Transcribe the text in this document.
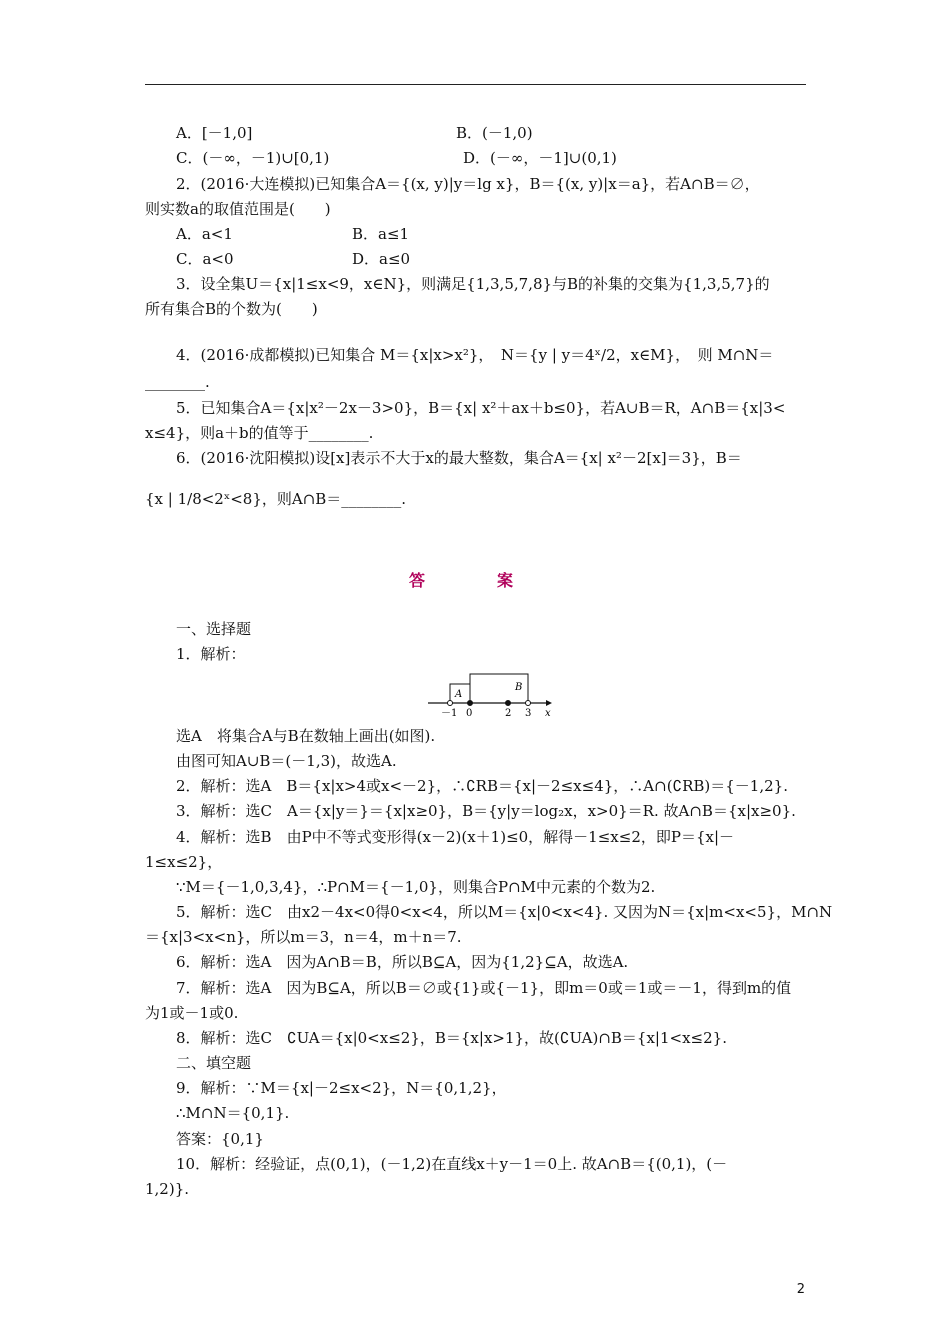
A．[－1,0]	B．(－1,0)
C．(－∞，－1)∪[0,1)	D．(－∞，－1]∪(0,1)
2．(2016·大连模拟)已知集合A＝{(x, y)|y＝lg x}，B＝{(x, y)|x＝a}，若A∩B＝∅，
则实数a的取值范围是(　　)
A．a<1	B．a≤1
C．a<0	D．a≤0
3．设全集U＝{x|1≤x<9，x∈N}，则满足{1,3,5,7,8}与B的补集的交集为{1,3,5,7}的
所有集合B的个数为(　　)
4．(2016·成都模拟)已知集合 M＝{x|x>x²}，　N＝{y | y＝4ˣ/2，x∈M}，　则 M∩N＝
________.
5．已知集合A＝{x|x²－2x－3>0}，B＝{x| x²＋ax＋b≤0}，若A∪B＝R，A∩B＝{x|3<
x≤4}，则a＋b的值等于________.
6．(2016·沈阳模拟)设[x]表示不大于x的最大整数，集合A＝{x| x²－2[x]＝3}，B＝
{x | 1/8<2ˣ<8}，则A∩B＝________.
答　案
一、选择题
1．解析：
A
B
－1 0	2 3 x
选A　将集合A与B在数轴上画出(如图).
由图可知A∪B＝(－1,3)，故选A.
2．解析：选A　B＝{x|x>4或x<－2}，∴∁RB＝{x|－2≤x≤4}，∴A∩(∁RB)＝{－1,2}.
3．解析：选C　A＝{x|y＝}＝{x|x≥0}，B＝{y|y＝log₂x，x>0}＝R. 故A∩B＝{x|x≥0}.
4．解析：选B　由P中不等式变形得(x－2)(x＋1)≤0，解得－1≤x≤2，即P＝{x|－
1≤x≤2}，
∵M＝{－1,0,3,4}，∴P∩M＝{－1,0}，则集合P∩M中元素的个数为2.
5．解析：选C　由x2－4x<0得0<x<4，所以M＝{x|0<x<4}. 又因为N＝{x|m<x<5}，M∩N
＝{x|3<x<n}，所以m＝3，n＝4，m＋n＝7.
6．解析：选A　因为A∩B＝B，所以B⊆A，因为{1,2}⊆A，故选A.
7．解析：选A　因为B⊆A，所以B＝∅或{1}或{－1}，即m＝0或＝1或＝－1，得到m的值
为1或－1或0.
8．解析：选C　∁UA＝{x|0<x≤2}，B＝{x|x>1}，故(∁UA)∩B＝{x|1<x≤2}.
二、填空题
9．解析：∵M＝{x|－2≤x<2}，N＝{0,1,2}，
∴M∩N＝{0,1}.
答案：{0,1}
10．解析：经验证，点(0,1)，(－1,2)在直线x＋y－1＝0上. 故A∩B＝{(0,1)，(－
1,2)}.
2
